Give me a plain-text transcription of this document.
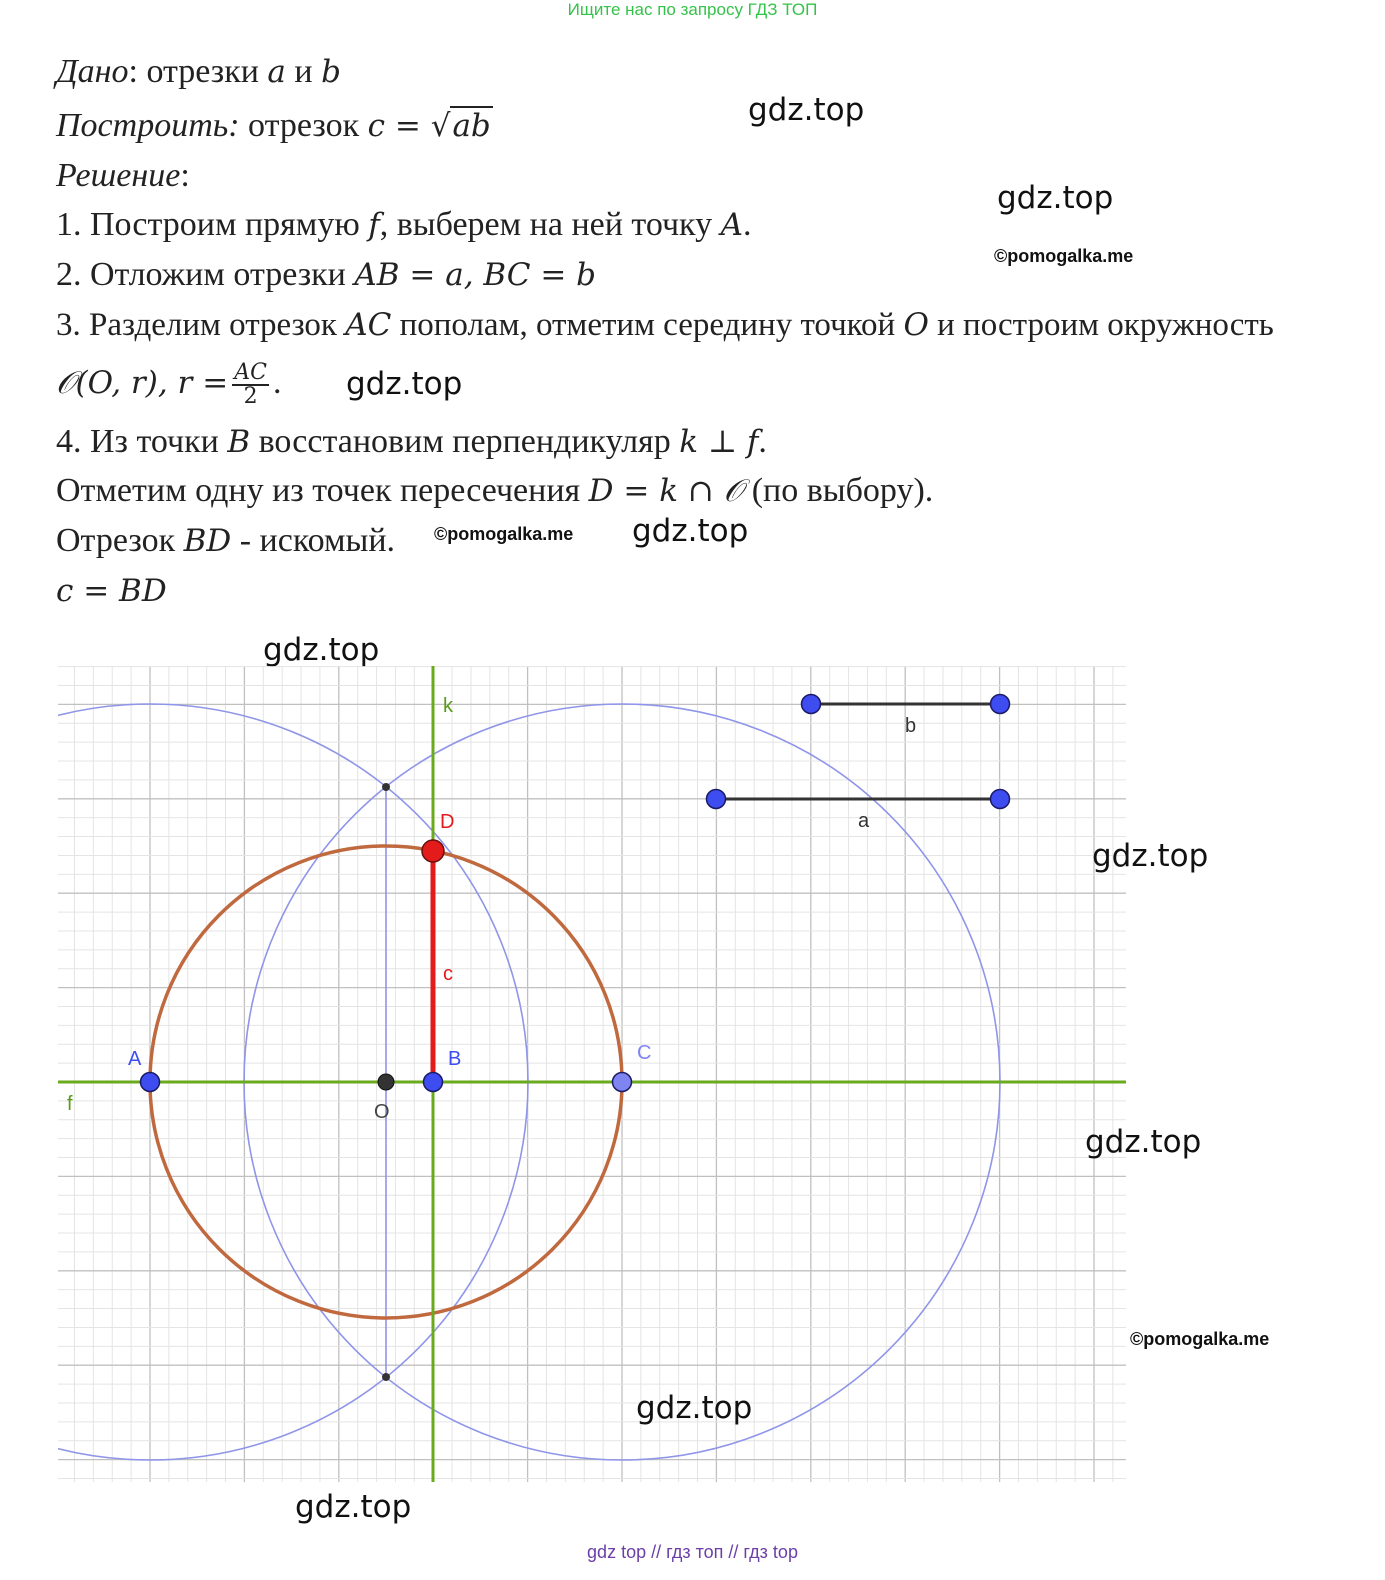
Ищите нас по запросу ГДЗ ТОП
Дано: отрезки a и b
Построить: отрезок c = √ab
Решение:
1. Построим прямую f, выберем на ней точку A.
2. Отложим отрезки AB = a, BC = b
3. Разделим отрезок AC пополам, отметим середину точкой O и построим окружность
𝒪(O, r), $r = \frac{AC}{2}$ .
4. Из точки B восстановим перпендикуляр k ⊥ f.
Отметим одну из точек пересечения D = k ∩ 𝒪 (по выбору).
Отрезок BD - искомый.
c = BD
gdz.top
gdz.top
©pomogalka.me
gdz.top
©pomogalka.me gdz.top
gdz.top
k
f
b
a
c
A	B	C
D
O
gdz.top
gdz.top
©pomogalka.me
gdz.top
gdz.top
gdz top // гдз топ // гдз top
